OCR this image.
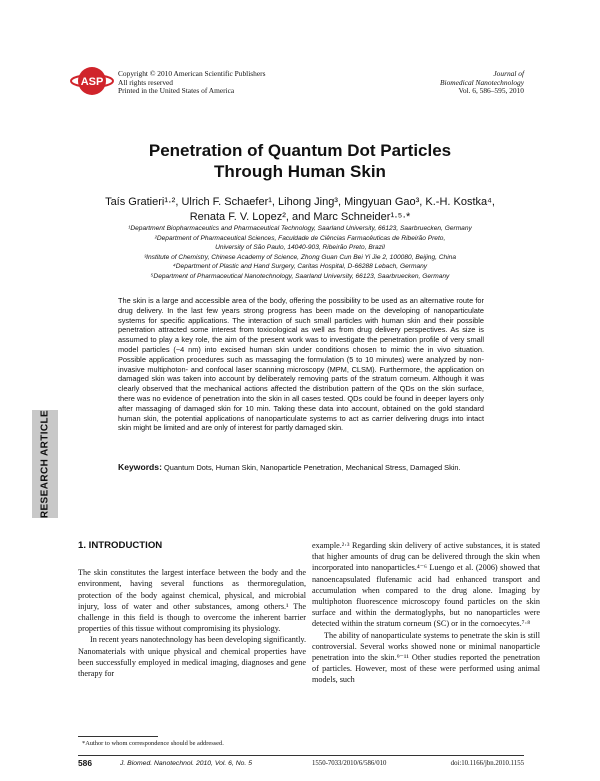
ASP
Copyright © 2010 American Scientific Publishers
All rights reserved
Printed in the United States of America
Journal of
Biomedical Nanotechnology
Vol. 6, 586–595, 2010
Penetration of Quantum Dot Particles
Through Human Skin
Taís Gratieri¹·², Ulrich F. Schaefer¹, Lihong Jing³, Mingyuan Gao³, K.-H. Kostka⁴,
Renata F. V. Lopez², and Marc Schneider¹·⁵·*
¹Department Biopharmaceutics and Pharmaceutical Technology, Saarland University, 66123, Saarbruecken, Germany
²Department of Pharmaceutical Sciences, Faculdade de Ciências Farmacêuticas de Ribeirão Preto,
University of São Paulo, 14040-903, Ribeirão Preto, Brazil
³Institute of Chemistry, Chinese Academy of Science, Zhong Guan Cun Bei Yi Jie 2, 100080, Beijing, China
⁴Department of Plastic and Hand Surgery, Caritas Hospital, D-66288 Lebach, Germany
⁵Department of Pharmaceutical Nanotechnology, Saarland University, 66123, Saarbruecken, Germany
The skin is a large and accessible area of the body, offering the possibility to be used as an alternative route for drug delivery. In the last few years strong progress has been made on the developing of nanoparticulate systems for specific applications. The interaction of such small particles with human skin and their possible penetration attracted some interest from toxicological as well as from drug delivery perspectives. As size is assumed to play a key role, the aim of the present work was to investigate the penetration profile of very small model particles (~4 nm) into excised human skin under conditions chosen to mimic the in vivo situation. Possible application procedures such as massaging the formulation (5 to 10 minutes) were analyzed by non-invasive multiphoton- and confocal laser scanning microscopy (MPM, CLSM). Furthermore, the application on damaged skin was taken into account by deliberately removing parts of the stratum corneum. Although it was clearly observed that the mechanical actions affected the distribution pattern of the QDs on the skin surface, there was no evidence of penetration into the skin in all cases tested. QDs could be found in deeper layers only after massaging of damaged skin for 10 min. Taking these data into account, obtained on the gold standard human skin, the potential applications of nanoparticulate systems to act as carrier delivering drugs into intact skin might be limited and are only of interest for partly damaged skin.
Keywords: Quantum Dots, Human Skin, Nanoparticle Penetration, Mechanical Stress, Damaged Skin.
RESEARCH ARTICLE
1. INTRODUCTION

The skin constitutes the largest interface between the body and the environment, having several functions as thermoregulation, protection of the body against chemical, physical, and microbial injury, loss of water and other substances, among others.¹ The challenge in this field is though to overcome the inherent barrier properties of this tissue without compromising its physiology.

In recent years nanotechnology has been developing significantly. Nanomaterials with unique physical and chemical properties have been successfully employed in medical imaging, diagnoses and gene therapy for

example.²·³ Regarding skin delivery of active substances, it is stated that higher amounts of drug can be delivered through the skin when incorporated into nanoparticles.⁴⁻⁶ Luengo et al. (2006) showed that nanoencapsulated flufenamic acid had enhanced transport and accumulation when compared to the drug alone. Imaging by multiphoton fluorescence microscopy found particles on the skin surface and within the dermatoglyphs, but no nanoparticles were detected within the stratum corneum (SC) or in the cornoecytes.⁷·⁸

The ability of nanoparticulate systems to penetrate the skin is still controversial. Several works showed none or minimal nanoparticle penetration into the skin.⁹⁻¹¹ Other studies reported the penetration of particles. However, most of these were performed using animal models, such

*Author to whom correspondence should be addressed.
586	J. Biomed. Nanotechnol. 2010, Vol. 6, No. 5	1550-7033/2010/6/586/010	doi:10.1166/jbn.2010.1155
